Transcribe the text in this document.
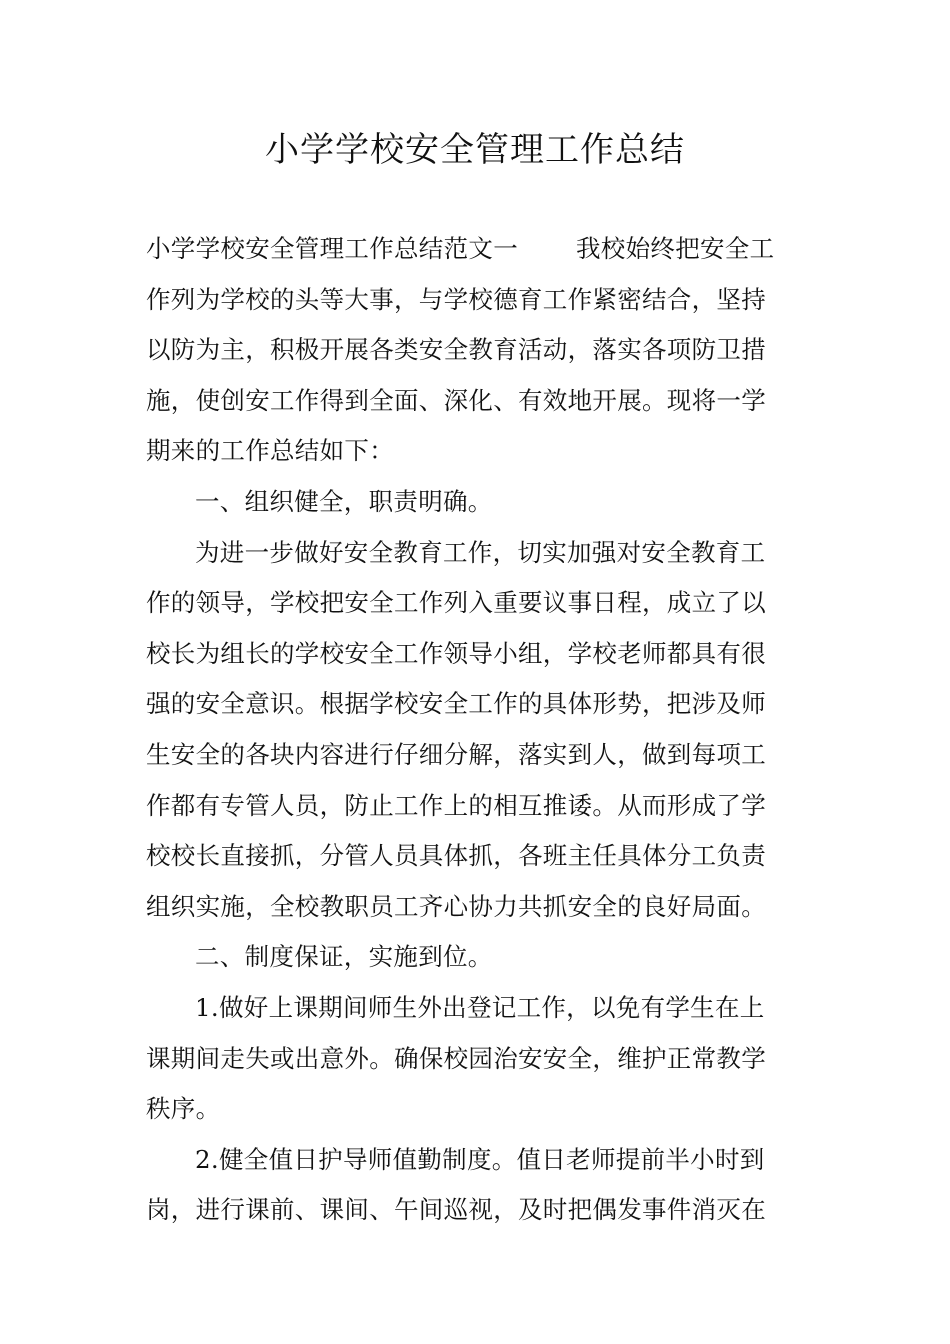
小学学校安全管理工作总结
小学学校安全管理工作总结范文一 我校始终把安全工
作列为学校的头等大事，与学校德育工作紧密结合，坚持
以防为主，积极开展各类安全教育活动，落实各项防卫措
施，使创安工作得到全面、深化、有效地开展。现将一学
期来的工作总结如下：
一、组织健全，职责明确。
为进一步做好安全教育工作，切实加强对安全教育工
作的领导，学校把安全工作列入重要议事日程，成立了以
校长为组长的学校安全工作领导小组，学校老师都具有很
强的安全意识。根据学校安全工作的具体形势，把涉及师
生安全的各块内容进行仔细分解，落实到人，做到每项工
作都有专管人员，防止工作上的相互推诿。从而形成了学
校校长直接抓，分管人员具体抓，各班主任具体分工负责
组织实施，全校教职员工齐心协力共抓安全的良好局面。
二、制度保证，实施到位。
1.做好上课期间师生外出登记工作，以免有学生在上
课期间走失或出意外。确保校园治安安全，维护正常教学
秩序。
2.健全值日护导师值勤制度。值日老师提前半小时到
岗，进行课前、课间、午间巡视，及时把偶发事件消灭在
